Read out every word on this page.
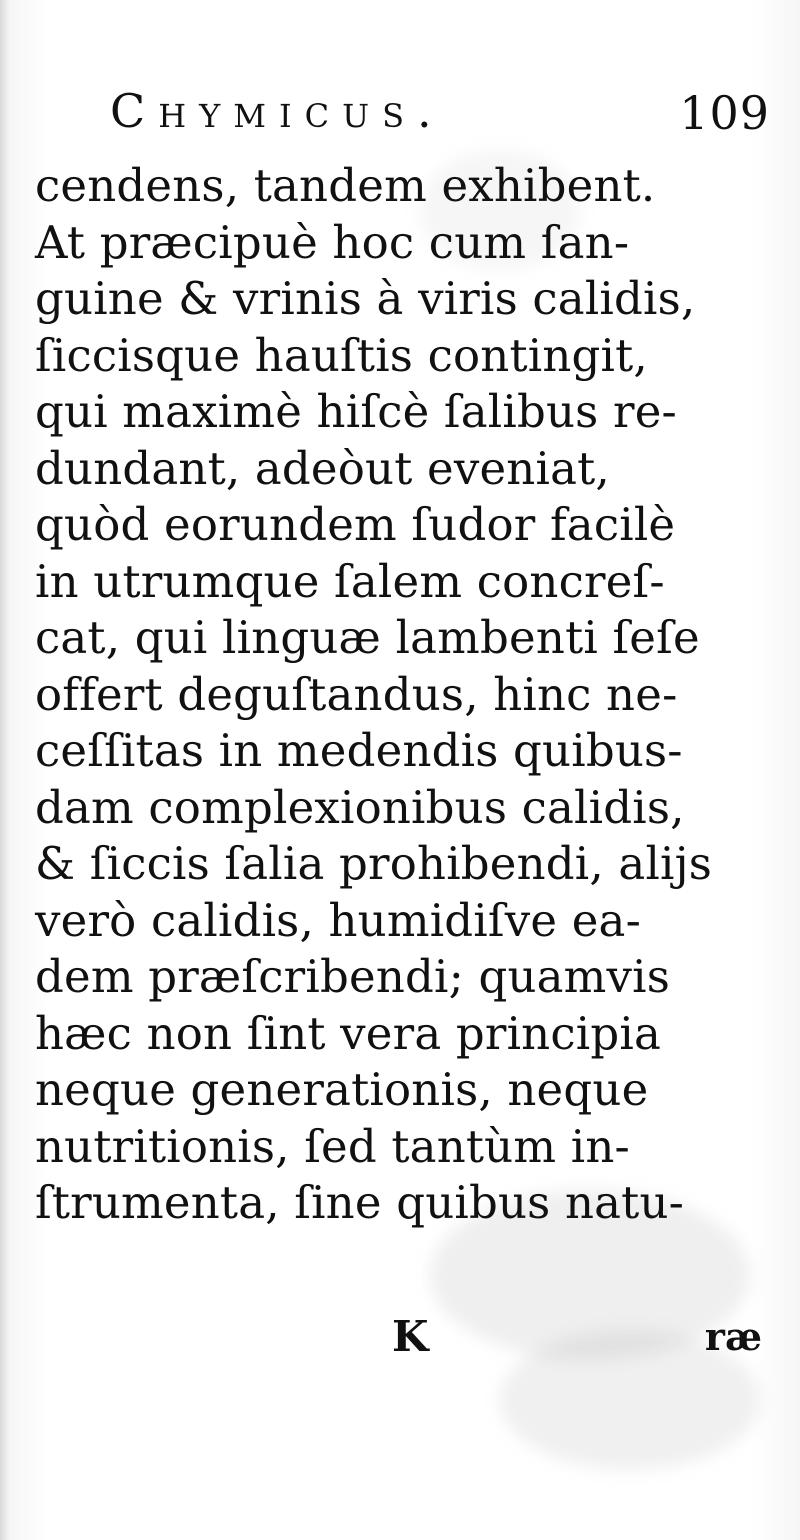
Chymicus.	109
cendens, tandem exhibent.
At præcipuè hoc cum ſan-
guine & vrinis à viris calidis,
ſiccisque hauſtis contingit,
qui maximè hiſcè ſalibus re-
dundant, adeòut eveniat,
quòd eorundem ſudor facilè
in utrumque ſalem concreſ-
cat, qui linguæ lambenti ſeſe
offert deguſtandus, hinc ne-
ceſſitas in medendis quibus-
dam complexionibus calidis,
& ſiccis ſalia prohibendi, alijs
verò calidis, humidiſve ea-
dem præſcribendi; quamvis
hæc non ſint vera principia
neque generationis, neque
nutritionis, ſed tantùm in-
ſtrumenta, ſine quibus natu-
K	ræ
